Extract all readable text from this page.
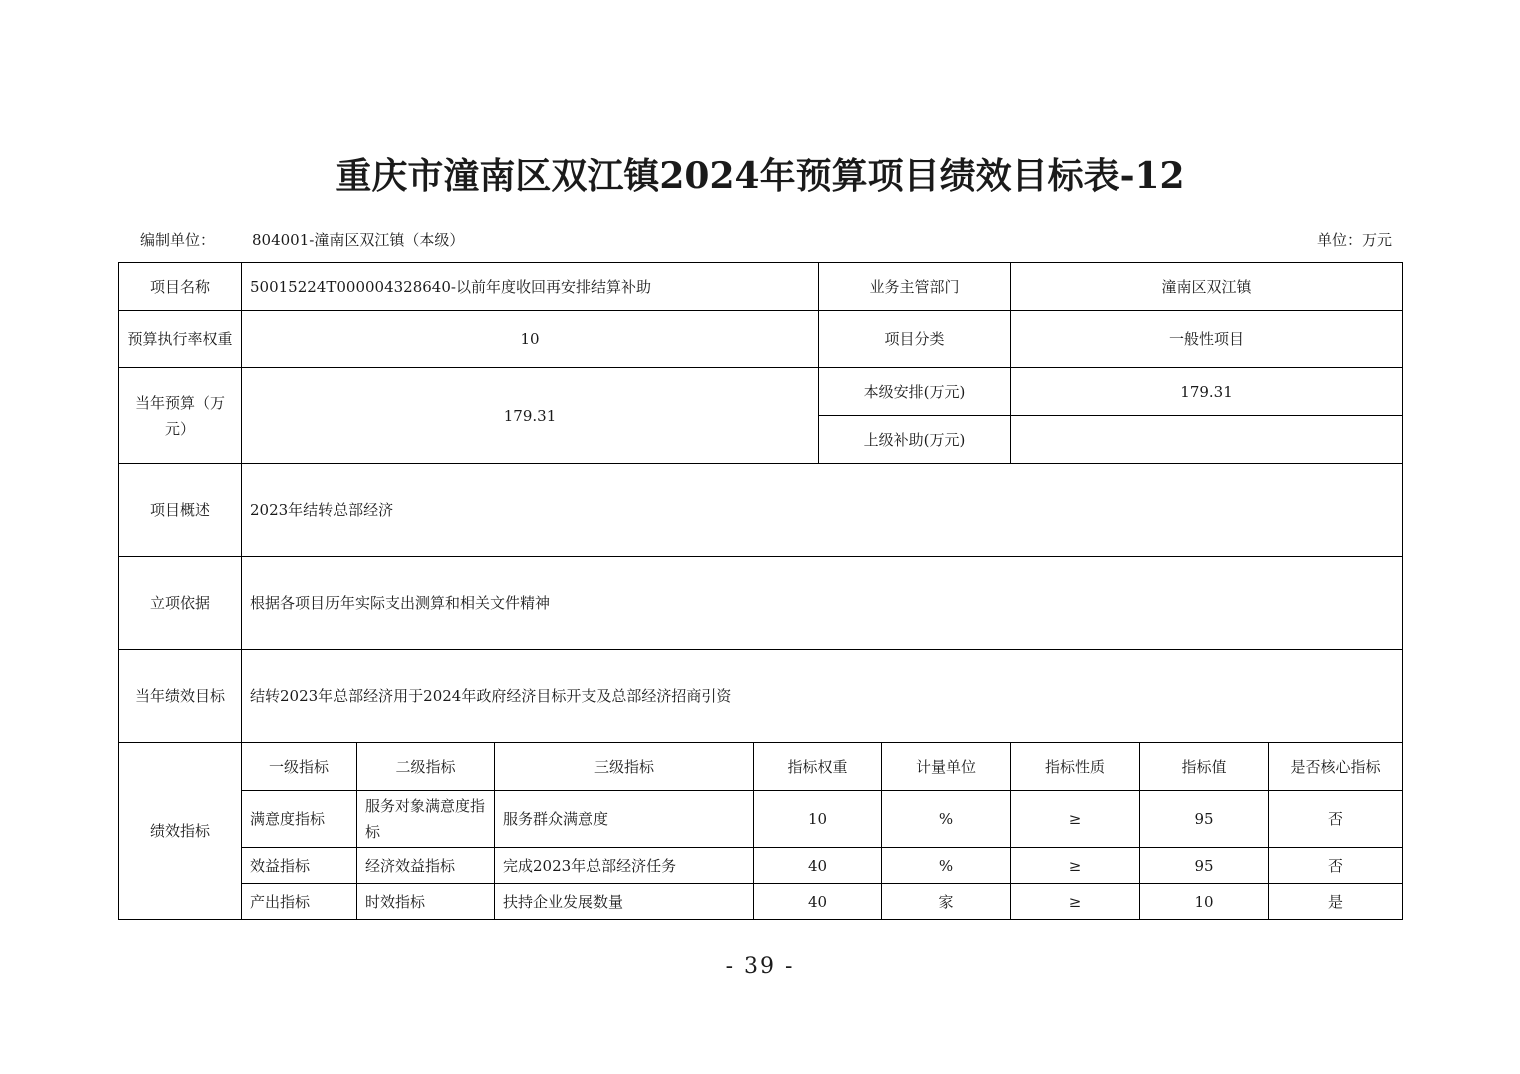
重庆市潼南区双江镇2024年预算项目绩效目标表-12
编制单位： 804001-潼南区双江镇（本级）	单位：万元
项目名称	50015224T000004328640-以前年度收回再安排结算补助				业务主管部门		潼南区双江镇		
预算执行率权重	10				项目分类		一般性项目		
当年预算（万元）	179.31				本级安排(万元)		179.31		
					上级补助(万元)				
项目概述	2023年结转总部经济								
立项依据	根据各项目历年实际支出测算和相关文件精神								
当年绩效目标	结转2023年总部经济用于2024年政府经济目标开支及总部经济招商引资								
绩效指标	一级指标	二级指标	三级指标	指标权重		计量单位	指标性质	指标值	是否核心指标
	满意度指标	服务对象满意度指标	服务群众满意度	10		%	≥	95	否
	效益指标	经济效益指标	完成2023年总部经济任务	40		%	≥	95	否
	产出指标	时效指标	扶持企业发展数量	40		家	≥	10	是
- 39 -
